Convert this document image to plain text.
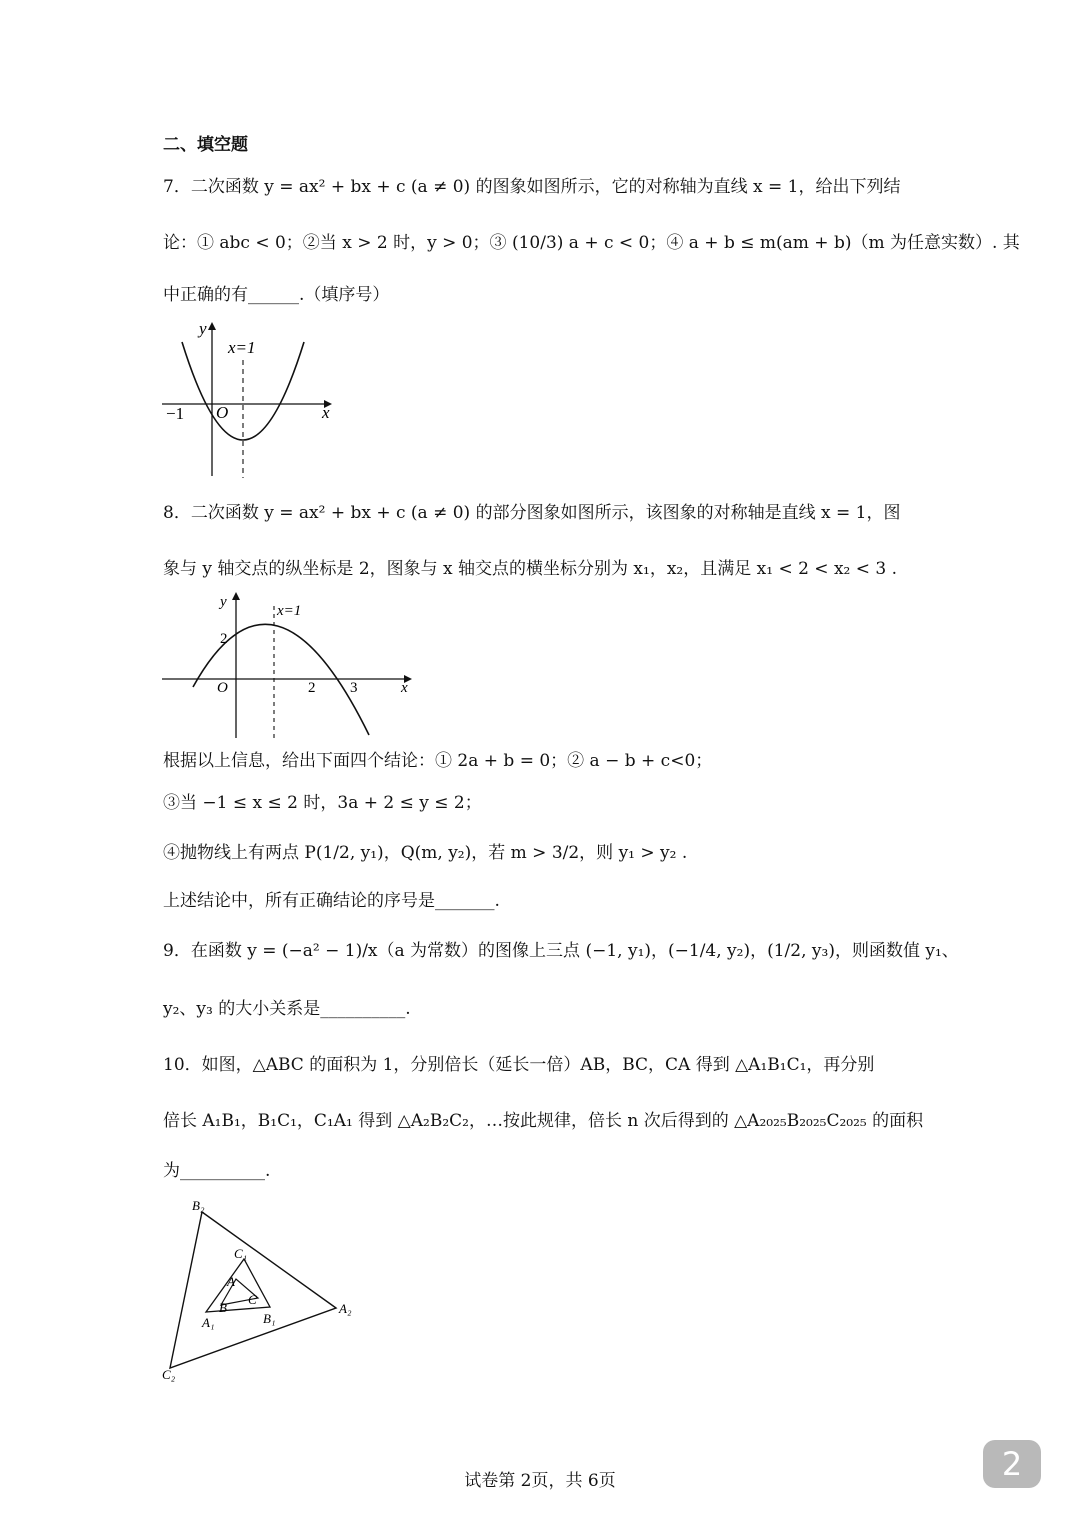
二、填空题
7．二次函数 y = ax² + bx + c (a ≠ 0) 的图象如图所示，它的对称轴为直线 x = 1，给出下列结
论：① abc < 0；②当 x > 2 时，y > 0；③ (10/3) a + c < 0；④ a + b ≤ m(am + b)（m 为任意实数）. 其
中正确的有______.（填序号）
y
x=1
−1 O	x
8．二次函数 y = ax² + bx + c (a ≠ 0) 的部分图象如图所示，该图象的对称轴是直线 x = 1，图
象与 y 轴交点的纵坐标是 2，图象与 x 轴交点的横坐标分别为 x₁，x₂，且满足 x₁ < 2 < x₂ < 3 .
y
x=1
2
O	2 3	x
根据以上信息，给出下面四个结论：① 2a + b = 0；② a − b + c<0；
③当 −1 ≤ x ≤ 2 时，3a + 2 ≤ y ≤ 2；
④抛物线上有两点 P(1/2, y₁)，Q(m, y₂)，若 m > 3/2，则 y₁ > y₂ .
上述结论中，所有正确结论的序号是_______.
9．在函数 y = (−a² − 1)/x（a 为常数）的图像上三点 (−1, y₁)，(−1/4, y₂)，(1/2, y₃)，则函数值 y₁、
y₂、y₃ 的大小关系是__________.
10．如图，△ABC 的面积为 1，分别倍长（延长一倍）AB，BC，CA 得到 △A₁B₁C₁，再分别
倍长 A₁B₁，B₁C₁，C₁A₁ 得到 △A₂B₂C₂，…按此规律，倍长 n 次后得到的 △A₂₀₂₅B₂₀₂₅C₂₀₂₅ 的面积
为__________.
B₂
C₁
A
C
B
A₁	B₁
A₂
C₂
试卷第 2页，共 6页	2
